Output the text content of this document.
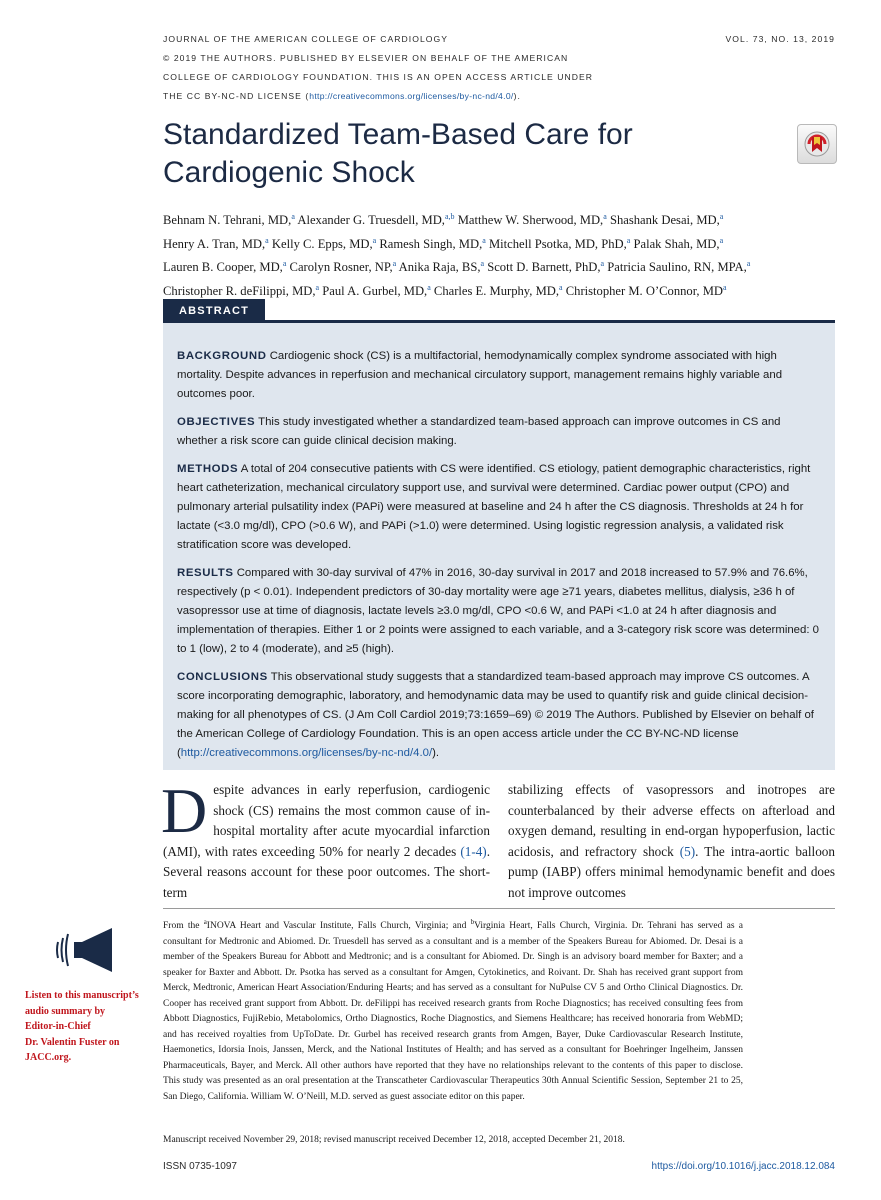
JOURNAL OF THE AMERICAN COLLEGE OF CARDIOLOGY	VOL. 73, NO. 13, 2019
© 2019 THE AUTHORS. PUBLISHED BY ELSEVIER ON BEHALF OF THE AMERICAN
COLLEGE OF CARDIOLOGY FOUNDATION. THIS IS AN OPEN ACCESS ARTICLE UNDER
THE CC BY-NC-ND LICENSE (http://creativecommons.org/licenses/by-nc-nd/4.0/).
Standardized Team-Based Care for
Cardiogenic Shock
Behnam N. Tehrani, MD,$^a$ Alexander G. Truesdell, MD,$^{a,b}$ Matthew W. Sherwood, MD,$^a$ Shashank Desai, MD,$^a$
Henry A. Tran, MD,$^a$ Kelly C. Epps, MD,$^a$ Ramesh Singh, MD,$^a$ Mitchell Psotka, MD, PhD,$^a$ Palak Shah, MD,$^a$
Lauren B. Cooper, MD,$^a$ Carolyn Rosner, NP,$^a$ Anika Raja, BS,$^a$ Scott D. Barnett, PhD,$^a$ Patricia Saulino, RN, MPA,$^a$
Christopher R. deFilippi, MD,$^a$ Paul A. Gurbel, MD,$^a$ Charles E. Murphy, MD,$^a$ Christopher M. O’Connor, $MD^a$
ABSTRACT

BACKGROUND Cardiogenic shock (CS) is a multifactorial, hemodynamically complex syndrome associated with high mortality. Despite advances in reperfusion and mechanical circulatory support, management remains highly variable and outcomes poor.

OBJECTIVES This study investigated whether a standardized team-based approach can improve outcomes in CS and whether a risk score can guide clinical decision making.

METHODS A total of 204 consecutive patients with CS were identified. CS etiology, patient demographic characteristics, right heart catheterization, mechanical circulatory support use, and survival were determined. Cardiac power output (CPO) and pulmonary arterial pulsatility index (PAPi) were measured at baseline and 24 h after the CS diagnosis. Thresholds at 24 h for lactate (<3.0 mg/dl), CPO (>0.6 W), and PAPi (>1.0) were determined. Using logistic regression analysis, a validated risk stratification score was developed.

RESULTS Compared with 30-day survival of 47% in 2016, 30-day survival in 2017 and 2018 increased to 57.9% and 76.6%, respectively (p < 0.01). Independent predictors of 30-day mortality were age ≥71 years, diabetes mellitus, dialysis, ≥36 h of vasopressor use at time of diagnosis, lactate levels ≥3.0 mg/dl, CPO <0.6 W, and PAPi <1.0 at 24 h after diagnosis and implementation of therapies. Either 1 or 2 points were assigned to each variable, and a 3-category risk score was determined: 0 to 1 (low), 2 to 4 (moderate), and ≥5 (high).

CONCLUSIONS This observational study suggests that a standardized team-based approach may improve CS outcomes. A score incorporating demographic, laboratory, and hemodynamic data may be used to quantify risk and guide clinical decision-making for all phenotypes of CS. (J Am Coll Cardiol 2019;73:1659–69) © 2019 The Authors. Published by Elsevier on behalf of the American College of Cardiology Foundation. This is an open access article under the CC BY-NC-ND license (http://creativecommons.org/licenses/by-nc-nd/4.0/).

Despite advances in early reperfusion, cardiogenic shock (CS) remains the most common cause of in-hospital mortality after acute myocardial infarction (AMI), with rates exceeding 50% for nearly 2 decades (1-4). Several reasons account for these poor outcomes. The short-term
stabilizing effects of vasopressors and inotropes are counterbalanced by their adverse effects on afterload and oxygen demand, resulting in end-organ hypoperfusion, lactic acidosis, and refractory shock (5). The intra-aortic balloon pump (IABP) offers minimal hemodynamic benefit and does not improve outcomes
Listen to this manuscript’s
audio summary by
Editor-in-Chief
Dr. Valentin Fuster on
JACC.org.
From the $^a$INOVA Heart and Vascular Institute, Falls Church, Virginia; and $^b$Virginia Heart, Falls Church, Virginia. Dr. Tehrani has served as a consultant for Medtronic and Abiomed. Dr. Truesdell has served as a consultant and is a member of the Speakers Bureau for Abiomed. Dr. Desai is a member of the Speakers Bureau for Abbott and Medtronic; and is a consultant for Abiomed. Dr. Singh is an advisory board member for Baxter; and a speaker for Baxter and Abbott. Dr. Psotka has served as a consultant for Amgen, Cytokinetics, and Roivant. Dr. Shah has received grant support from Merck, Medtronic, American Heart Association/Enduring Hearts; and has served as a consultant for NuPulse CV 5 and Ortho Clinical Diagnostics. Dr. Cooper has received grant support from Abbott. Dr. deFilippi has received research grants from Roche Diagnostics; has received consulting fees from Abbott Diagnostics, FujiRebio, Metabolomics, Ortho Diagnostics, Roche Diagnostics, and Siemens Healthcare; has received honoraria from WebMD; and has received royalties from UpToDate. Dr. Gurbel has received research grants from Amgen, Bayer, Duke Cardiovascular Research Institute, Haemonetics, Idorsia Inois, Janssen, Merck, and the National Institutes of Health; and has served as a consultant for Boehringer Ingelheim, Janssen Pharmaceuticals, Bayer, and Merck. All other authors have reported that they have no relationships relevant to the contents of this paper to disclose. This study was presented as an oral presentation at the Transcatheter Cardiovascular Therapeutics 30th Annual Scientific Session, September 21 to 25, San Diego, California. William W. O’Neill, M.D. served as guest associate editor on this paper.
Manuscript received November 29, 2018; revised manuscript received December 12, 2018, accepted December 21, 2018.
ISSN 0735-1097	https://doi.org/10.1016/j.jacc.2018.12.084
